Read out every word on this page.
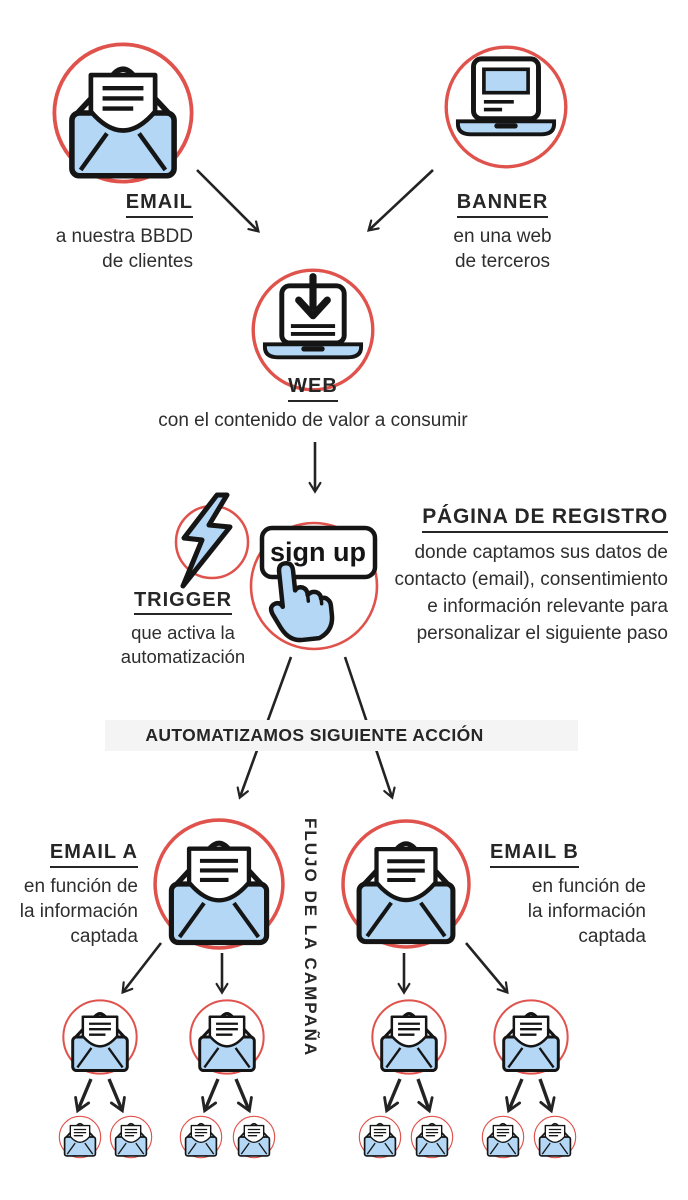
EMAIL
a nuestra BBDD
de clientes
BANNER
en una web
de terceros
WEB
con el contenido de valor a consumir
TRIGGER
que activa la
automatización
sign up
PÁGINA DE REGISTRO
donde captamos sus datos de
contacto (email), consentimiento
e información relevante para
personalizar el siguiente paso
AUTOMATIZAMOS SIGUIENTE ACCIÓN
EMAIL A
en función de
la información
captada
EMAIL B
en función de
la información
captada
FLUJO DE LA CAMPAÑA
